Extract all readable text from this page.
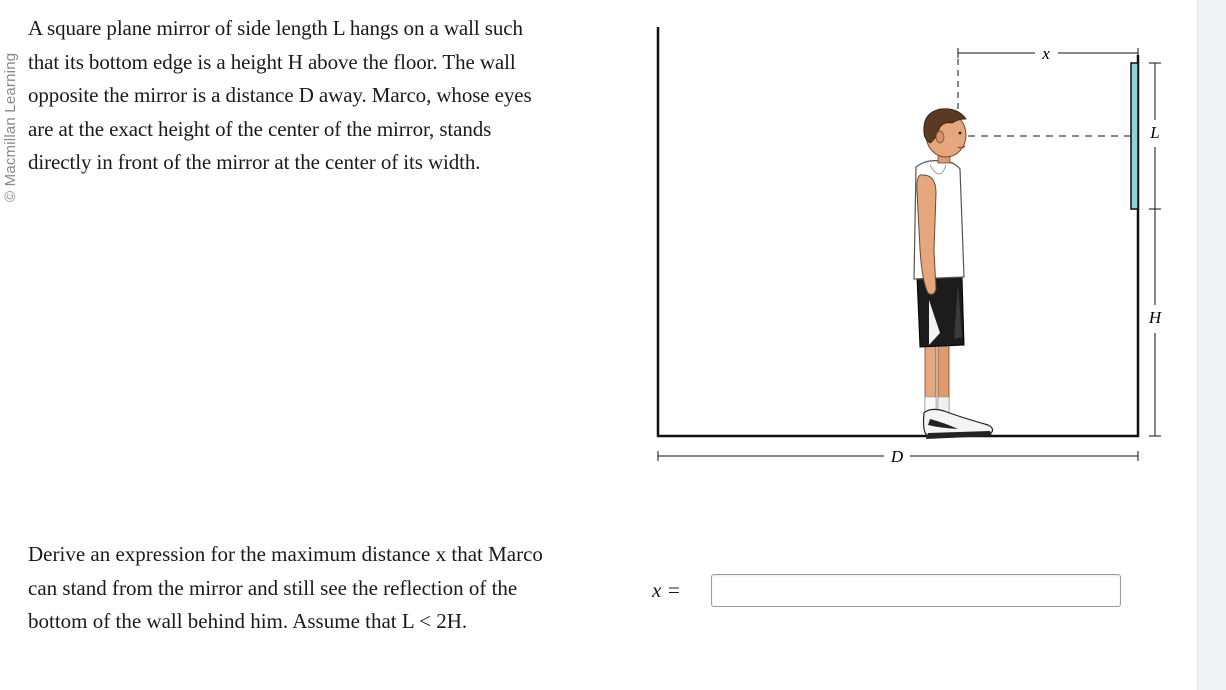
© Macmillan Learning

A square plane mirror of side length L hangs on a wall such

that its bottom edge is a height H above the floor. The wall

opposite the mirror is a distance D away. Marco, whose eyes

are at the exact height of the center of the mirror, stands

directly in front of the mirror at the center of its width.

x
L
H
D

Derive an expression for the maximum distance x that Marco

can stand from the mirror and still see the reflection of the

bottom of the wall behind him. Assume that L < 2H.

x =
